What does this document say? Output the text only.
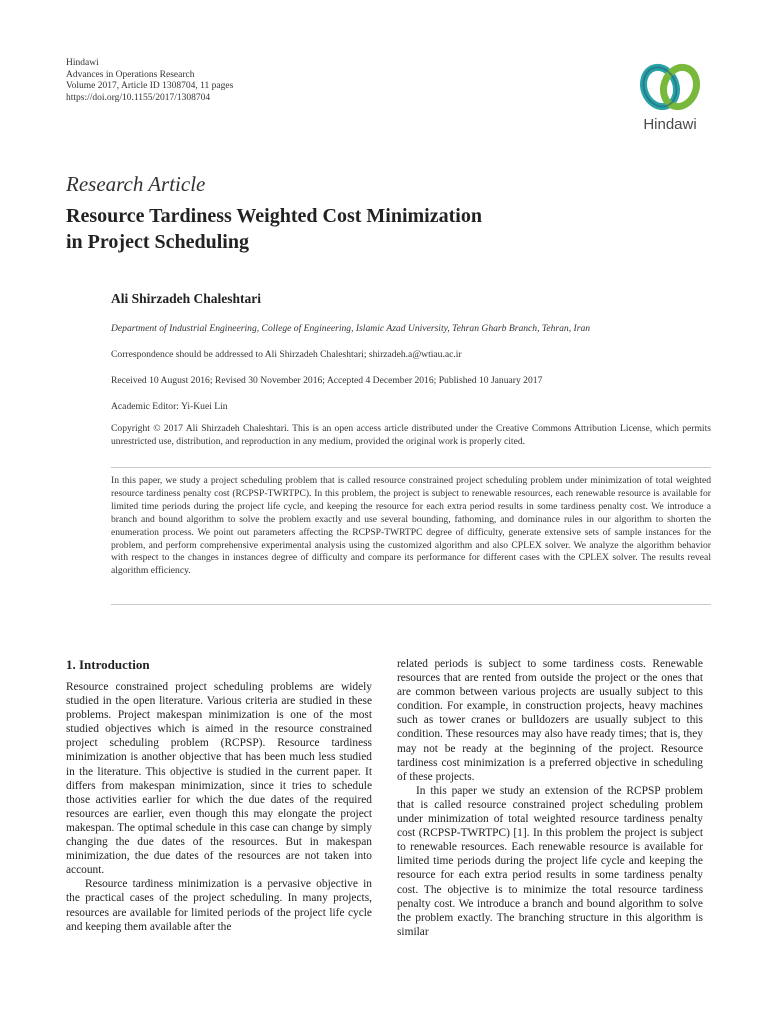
Hindawi
Advances in Operations Research
Volume 2017, Article ID 1308704, 11 pages
https://doi.org/10.1155/2017/1308704
Hindawi
Research Article
Resource Tardiness Weighted Cost Minimization
in Project Scheduling
Ali Shirzadeh Chaleshtari
Department of Industrial Engineering, College of Engineering, Islamic Azad University, Tehran Gharb Branch, Tehran, Iran
Correspondence should be addressed to Ali Shirzadeh Chaleshtari; shirzadeh.a@wtiau.ac.ir
Received 10 August 2016; Revised 30 November 2016; Accepted 4 December 2016; Published 10 January 2017
Academic Editor: Yi-Kuei Lin
Copyright © 2017 Ali Shirzadeh Chaleshtari. This is an open access article distributed under the Creative Commons Attribution License, which permits unrestricted use, distribution, and reproduction in any medium, provided the original work is properly cited.
In this paper, we study a project scheduling problem that is called resource constrained project scheduling problem under minimization of total weighted resource tardiness penalty cost (RCPSP-TWRTPC). In this problem, the project is subject to renewable resources, each renewable resource is available for limited time periods during the project life cycle, and keeping the resource for each extra period results in some tardiness penalty cost. We introduce a branch and bound algorithm to solve the problem exactly and use several bounding, fathoming, and dominance rules in our algorithm to shorten the enumeration process. We point out parameters affecting the RCPSP-TWRTPC degree of difficulty, generate extensive sets of sample instances for the problem, and perform comprehensive experimental analysis using the customized algorithm and also CPLEX solver. We analyze the algorithm behavior with respect to the changes in instances degree of difficulty and compare its performance for different cases with the CPLEX solver. The results reveal algorithm efficiency.
1. Introduction

Resource constrained project scheduling problems are widely studied in the open literature. Various criteria are studied in these problems. Project makespan minimization is one of the most studied objectives which is aimed in the resource constrained project scheduling problem (RCPSP). Resource tardiness minimization is another objective that has been much less studied in the literature. This objective is studied in the current paper. It differs from makespan minimization, since it tries to schedule those activities earlier for which the due dates of the required resources are earlier, even though this may elongate the project makespan. The optimal schedule in this case can change by simply changing the due dates of the resources. But in makespan minimization, the due dates of the resources are not taken into account.

Resource tardiness minimization is a pervasive objective in the practical cases of the project scheduling. In many projects, resources are available for limited periods of the project life cycle and keeping them available after the

related periods is subject to some tardiness costs. Renewable resources that are rented from outside the project or the ones that are common between various projects are usually subject to this condition. For example, in construction projects, heavy machines such as tower cranes or bulldozers are usually subject to this condition. These resources may also have ready times; that is, they may not be ready at the beginning of the project. Resource tardiness cost minimization is a preferred objective in scheduling of these projects.

In this paper we study an extension of the RCPSP problem that is called resource constrained project scheduling problem under minimization of total weighted resource tardiness penalty cost (RCPSP-TWRTPC) [1]. In this problem the project is subject to renewable resources. Each renewable resource is available for limited time periods during the project life cycle and keeping the resource for each extra period results in some tardiness penalty cost. The objective is to minimize the total resource tardiness penalty cost. We introduce a branch and bound algorithm to solve the problem exactly. The branching structure in this algorithm is similar
